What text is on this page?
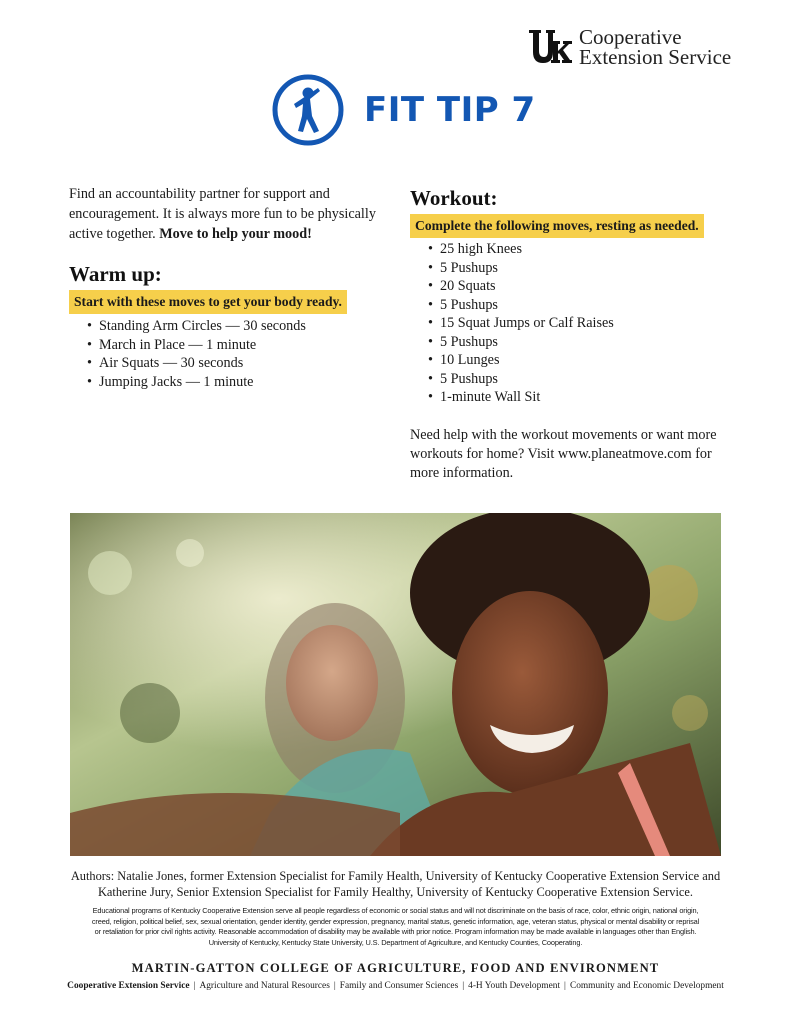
Cooperative
Extension Service
FIT TIP 7

Find an accountability partner for support and encouragement. It is always more fun to be physically active together. Move to help your mood!

Warm up:
Start with these moves to get your body ready.
• Standing Arm Circles — 30 seconds
• March in Place — 1 minute
• Air Squats — 30 seconds
• Jumping Jacks — 1 minute
Workout:
Complete the following moves, resting as needed.
• 25 high Knees
• 5 Pushups
• 20 Squats
• 5 Pushups
• 15 Squat Jumps or Calf Raises
• 5 Pushups
• 10 Lunges
• 5 Pushups
• 1-minute Wall Sit

Need help with the workout movements or want more workouts for home? Visit www.planeatmove.com for more information.

Authors: Natalie Jones, former Extension Specialist for Family Health, University of Kentucky Cooperative Extension Service and
Katherine Jury, Senior Extension Specialist for Family Healthy, University of Kentucky Cooperative Extension Service.

Educational programs of Kentucky Cooperative Extension serve all people regardless of economic or social status and will not discriminate on the basis of race, color, ethnic origin, national origin, creed, religion, political belief, sex, sexual orientation, gender identity, gender expression, pregnancy, marital status, genetic information, age, veteran status, physical or mental disability or reprisal or retaliation for prior civil rights activity. Reasonable accommodation of disability may be available with prior notice. Program information may be made available in languages other than English. University of Kentucky, Kentucky State University, U.S. Department of Agriculture, and Kentucky Counties, Cooperating.

MARTIN-GATTON COLLEGE OF AGRICULTURE, FOOD AND ENVIRONMENT
Cooperative Extension Service | Agriculture and Natural Resources | Family and Consumer Sciences | 4-H Youth Development | Community and Economic Development
